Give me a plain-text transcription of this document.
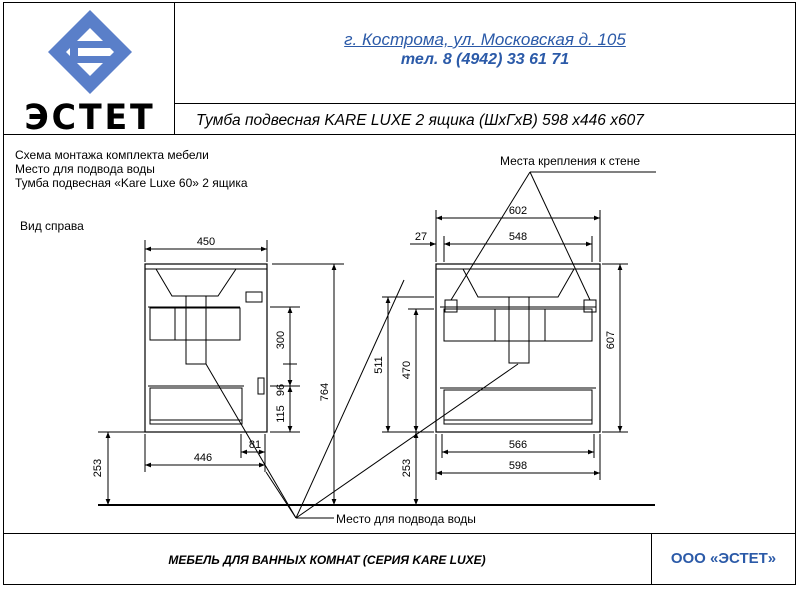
ЭСТЕТ
г. Кострома, ул. Московская д. 105
тел. 8 (4942) 33 61 71
Тумба подвесная KARE LUXE 2 ящика (ШхГхВ) 598 х446 х607
Схема монтажа комплекта мебели
Место для подвода воды
Тумба подвесная «Kare Luxe 60» 2 ящика
Вид справа
Места крепления к стене
Место для подвода воды
450
446
81
300
96
115
764
253
602
548
27
566
598
607
511 470
253
МЕБЕЛЬ ДЛЯ ВАННЫХ КОМНАТ (СЕРИЯ KARE LUXE)	ООО «ЭСТЕТ»
